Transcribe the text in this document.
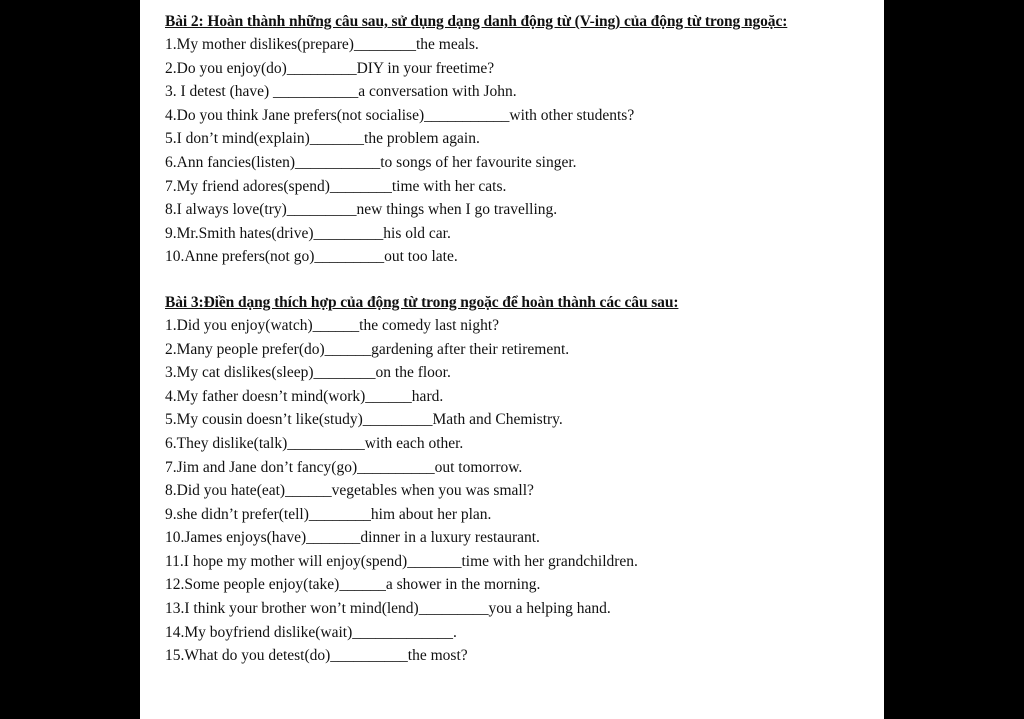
Bài 2: Hoàn thành những câu sau, sử dụng dạng danh động từ (V-ing) của động từ trong ngoặc:
1.My mother dislikes(prepare)________the meals.
2.Do you enjoy(do)_________DIY in your freetime?
3. I detest (have) ___________a conversation with John.
4.Do you think Jane prefers(not socialise)___________with other students?
5.I don’t mind(explain)_______the problem again.
6.Ann fancies(listen)___________to songs of her favourite singer.
7.My friend adores(spend)________time with her cats.
8.I always love(try)_________new things when I go travelling.
9.Mr.Smith hates(drive)_________his old car.
10.Anne prefers(not go)_________out too late.
Bài 3:Điền dạng thích hợp của động từ trong ngoặc để hoàn thành các câu sau:
1.Did you enjoy(watch)______the comedy last night?
2.Many people prefer(do)______gardening after their retirement.
3.My cat dislikes(sleep)________on the floor.
4.My father doesn’t mind(work)______hard.
5.My cousin doesn’t like(study)_________Math and Chemistry.
6.They dislike(talk)__________with each other.
7.Jim and Jane don’t fancy(go)__________out tomorrow.
8.Did you hate(eat)______vegetables when you was small?
9.she didn’t prefer(tell)________him about her plan.
10.James enjoys(have)_______dinner in a luxury restaurant.
11.I hope my mother will enjoy(spend)_______time with her grandchildren.
12.Some people enjoy(take)______a shower in the morning.
13.I think your brother won’t mind(lend)_________you a helping hand.
14.My boyfriend dislike(wait)_____________.
15.What do you detest(do)__________the most?
